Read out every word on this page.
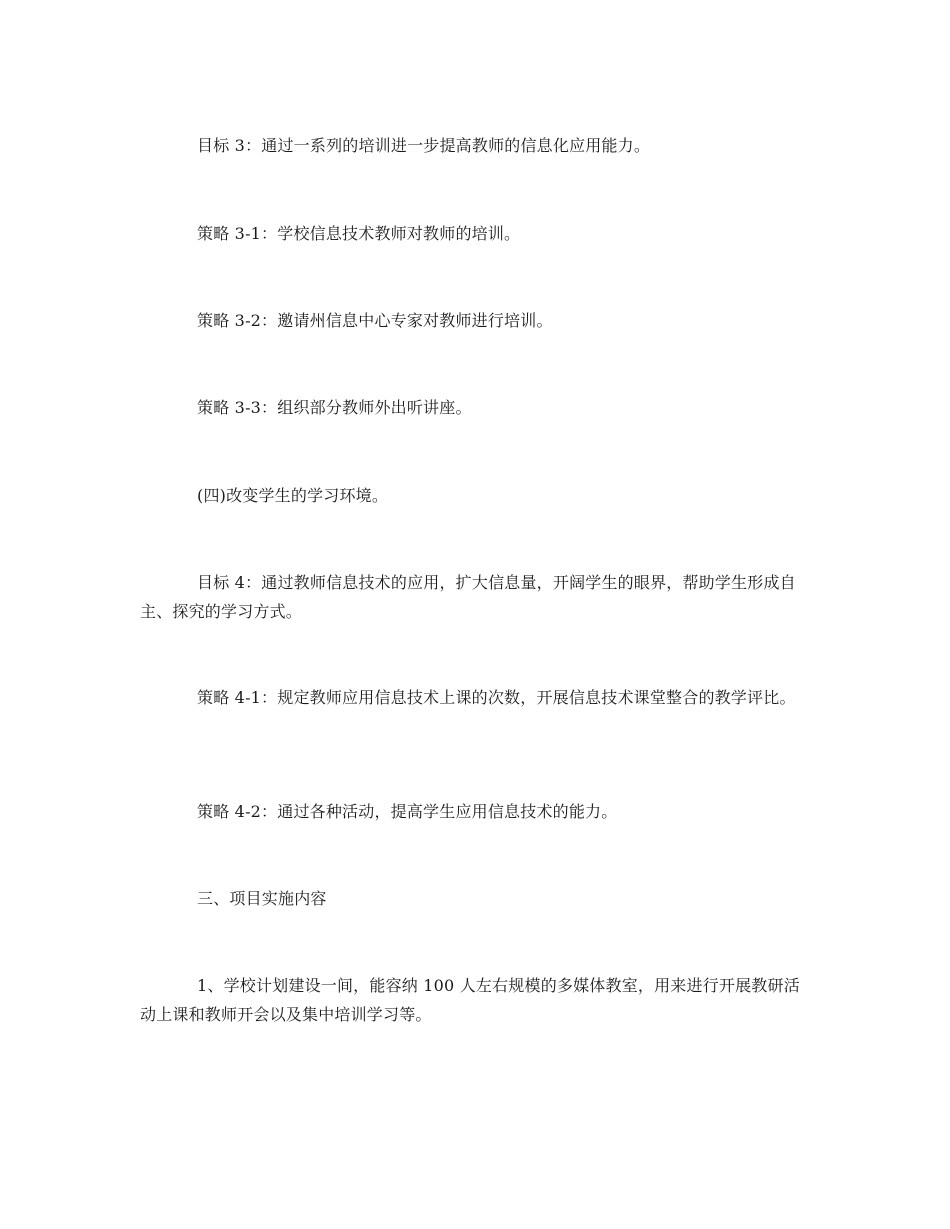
目标 3：通过一系列的培训进一步提高教师的信息化应用能力。

策略 3-1：学校信息技术教师对教师的培训。

策略 3-2：邀请州信息中心专家对教师进行培训。

策略 3-3：组织部分教师外出听讲座。

(四)改变学生的学习环境。

目标 4：通过教师信息技术的应用，扩大信息量，开阔学生的眼界，帮助学生形成自主、探究的学习方式。

策略 4-1：规定教师应用信息技术上课的次数，开展信息技术课堂整合的教学评比。

策略 4-2：通过各种活动，提高学生应用信息技术的能力。

三、项目实施内容

1、学校计划建设一间，能容纳 100 人左右规模的多媒体教室，用来进行开展教研活动上课和教师开会以及集中培训学习等。
